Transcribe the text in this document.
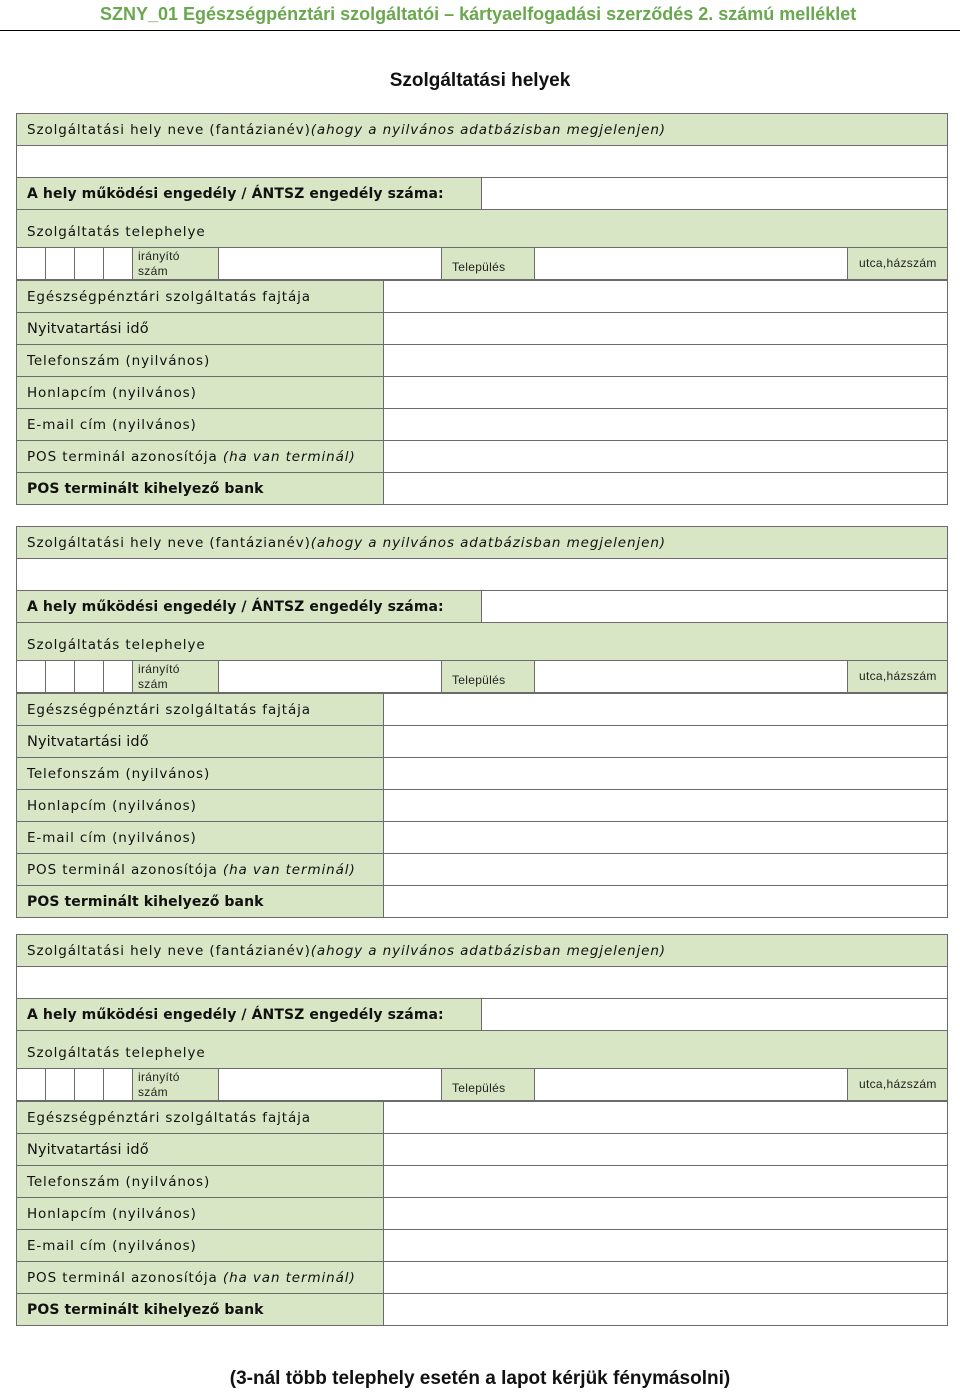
SZNY_01 Egészségpénztári szolgáltatói – kártyaelfogadási szerződés 2. számú melléklet
Szolgáltatási helyek
Szolgáltatási hely neve (fantázianév)(ahogy a nyilvános adatbázisban megjelenjen)
A hely működési engedély / ÁNTSZ engedély száma:
Szolgáltatás telephelye
irányító szám	Település	utca,házszám
Egészségpénztári szolgáltatás fajtája
Nyitvatartási idő
Telefonszám (nyilvános)
Honlapcím (nyilvános)
E-mail cím (nyilvános)
POS terminál azonosítója (ha van terminál)
POS terminált kihelyező bank
Szolgáltatási hely neve (fantázianév)(ahogy a nyilvános adatbázisban megjelenjen)
A hely működési engedély / ÁNTSZ engedély száma:
Szolgáltatás telephelye
irányító szám	Település	utca,házszám
Egészségpénztári szolgáltatás fajtája
Nyitvatartási idő
Telefonszám (nyilvános)
Honlapcím (nyilvános)
E-mail cím (nyilvános)
POS terminál azonosítója (ha van terminál)
POS terminált kihelyező bank
Szolgáltatási hely neve (fantázianév)(ahogy a nyilvános adatbázisban megjelenjen)
A hely működési engedély / ÁNTSZ engedély száma:
Szolgáltatás telephelye
irányító szám	Település	utca,házszám
Egészségpénztári szolgáltatás fajtája
Nyitvatartási idő
Telefonszám (nyilvános)
Honlapcím (nyilvános)
E-mail cím (nyilvános)
POS terminál azonosítója (ha van terminál)
POS terminált kihelyező bank
(3-nál több telephely esetén a lapot kérjük fénymásolni)
